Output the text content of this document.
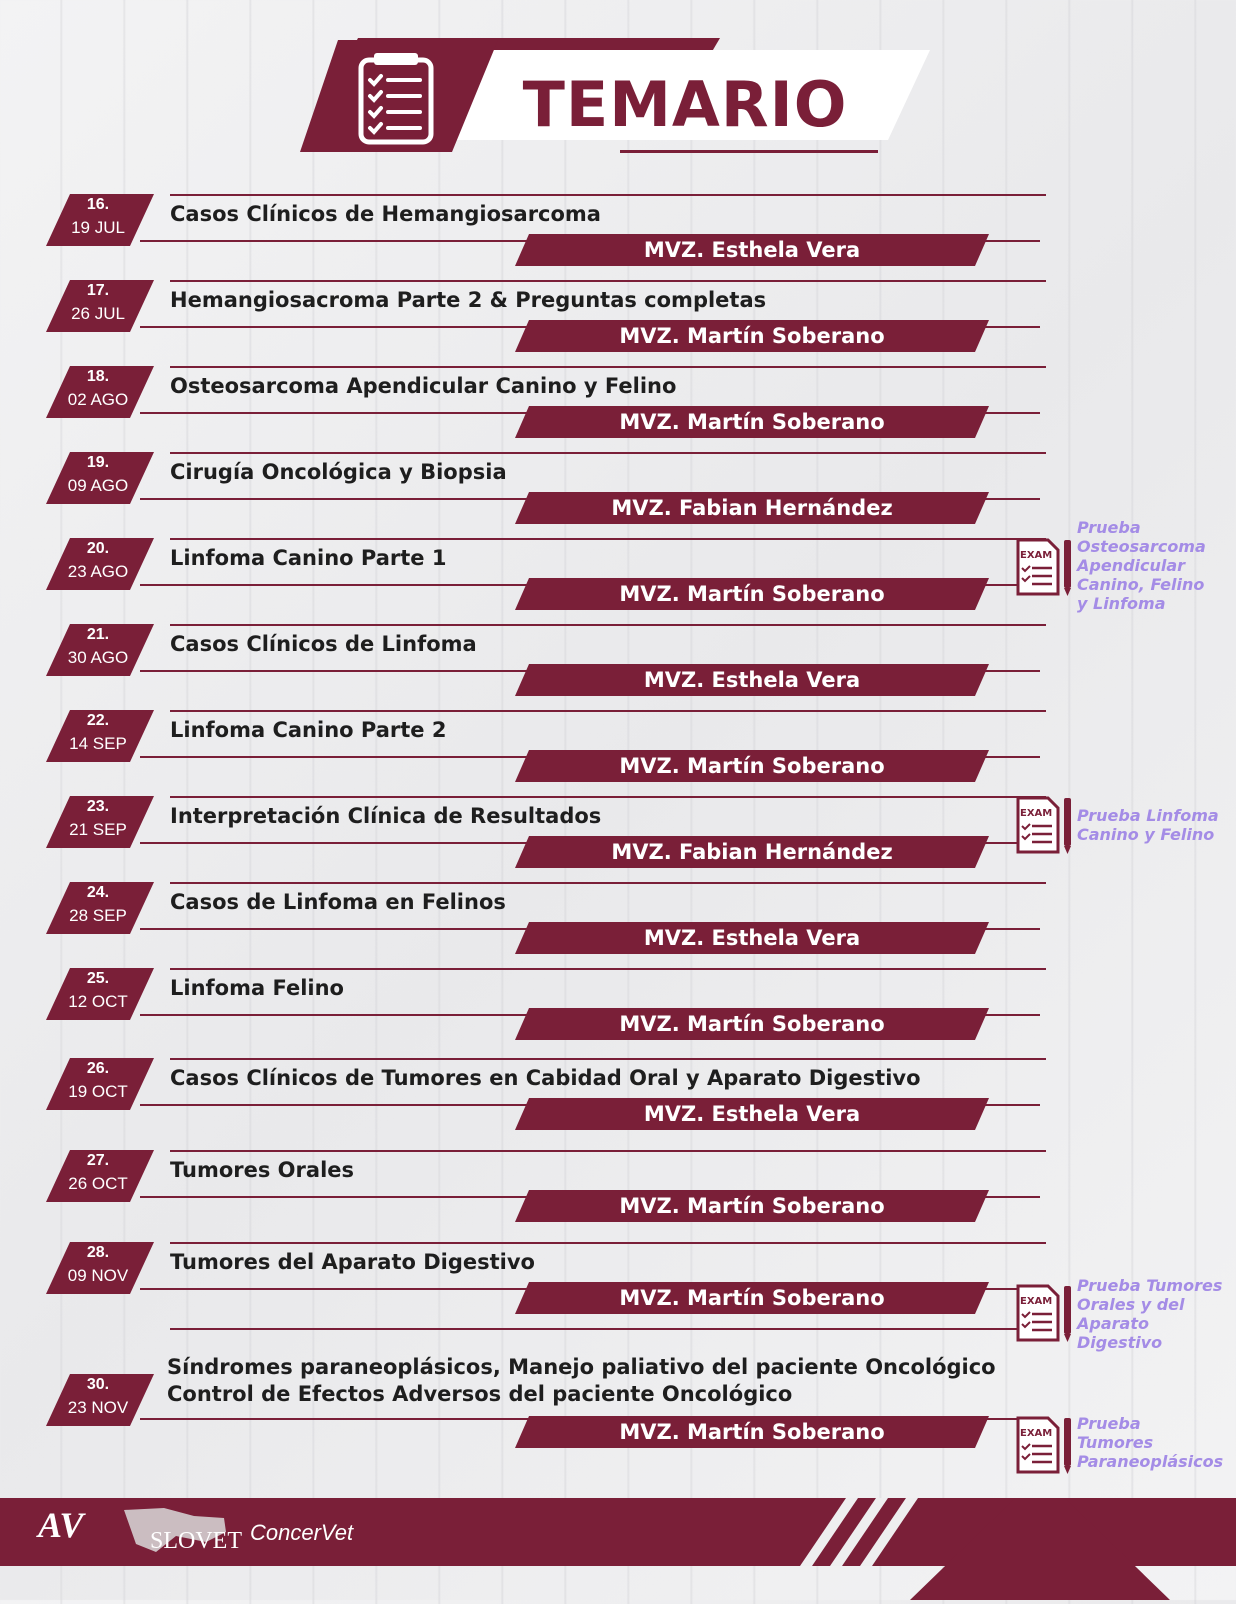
TEMARIO
16.
19 JUL
Casos Clínicos de Hemangiosarcoma
MVZ. Esthela Vera
17.
26 JUL
Hemangiosacroma Parte 2 & Preguntas completas
MVZ. Martín Soberano
18.
02 AGO
Osteosarcoma Apendicular Canino y Felino
MVZ. Martín Soberano
19.
09 AGO
Cirugía Oncológica y Biopsia
MVZ. Fabian Hernández
20.
23 AGO
Linfoma Canino Parte 1
MVZ. Martín Soberano
21.
30 AGO
Casos Clínicos de Linfoma
MVZ. Esthela Vera
22.
14 SEP
Linfoma Canino Parte 2
MVZ. Martín Soberano
23.
21 SEP
Interpretación Clínica de Resultados
MVZ. Fabian Hernández
24.
28 SEP
Casos de Linfoma en Felinos
MVZ. Esthela Vera
25.
12 OCT
Linfoma Felino
MVZ. Martín Soberano
26.
19 OCT
Casos Clínicos de Tumores en Cabidad Oral y Aparato Digestivo
MVZ. Esthela Vera
27.
26 OCT
Tumores Orales
MVZ. Martín Soberano
28.
09 NOV
Tumores del Aparato Digestivo
MVZ. Martín Soberano
30.
23 NOV
Síndromes paraneoplásicos, Manejo paliativo del paciente Oncológico
Control de Efectos Adversos del paciente Oncológico
MVZ. Martín Soberano
EXAM
Prueba
Osteosarcoma
Apendicular
Canino, Felino
y Linfoma
EXAM Prueba Linfoma
Canino y Felino
EXAM
Prueba Tumores
Orales y del
Aparato
Digestivo
EXAM
Prueba
Tumores
Paraneoplásicos
AV	SLOVET ConcerVet
